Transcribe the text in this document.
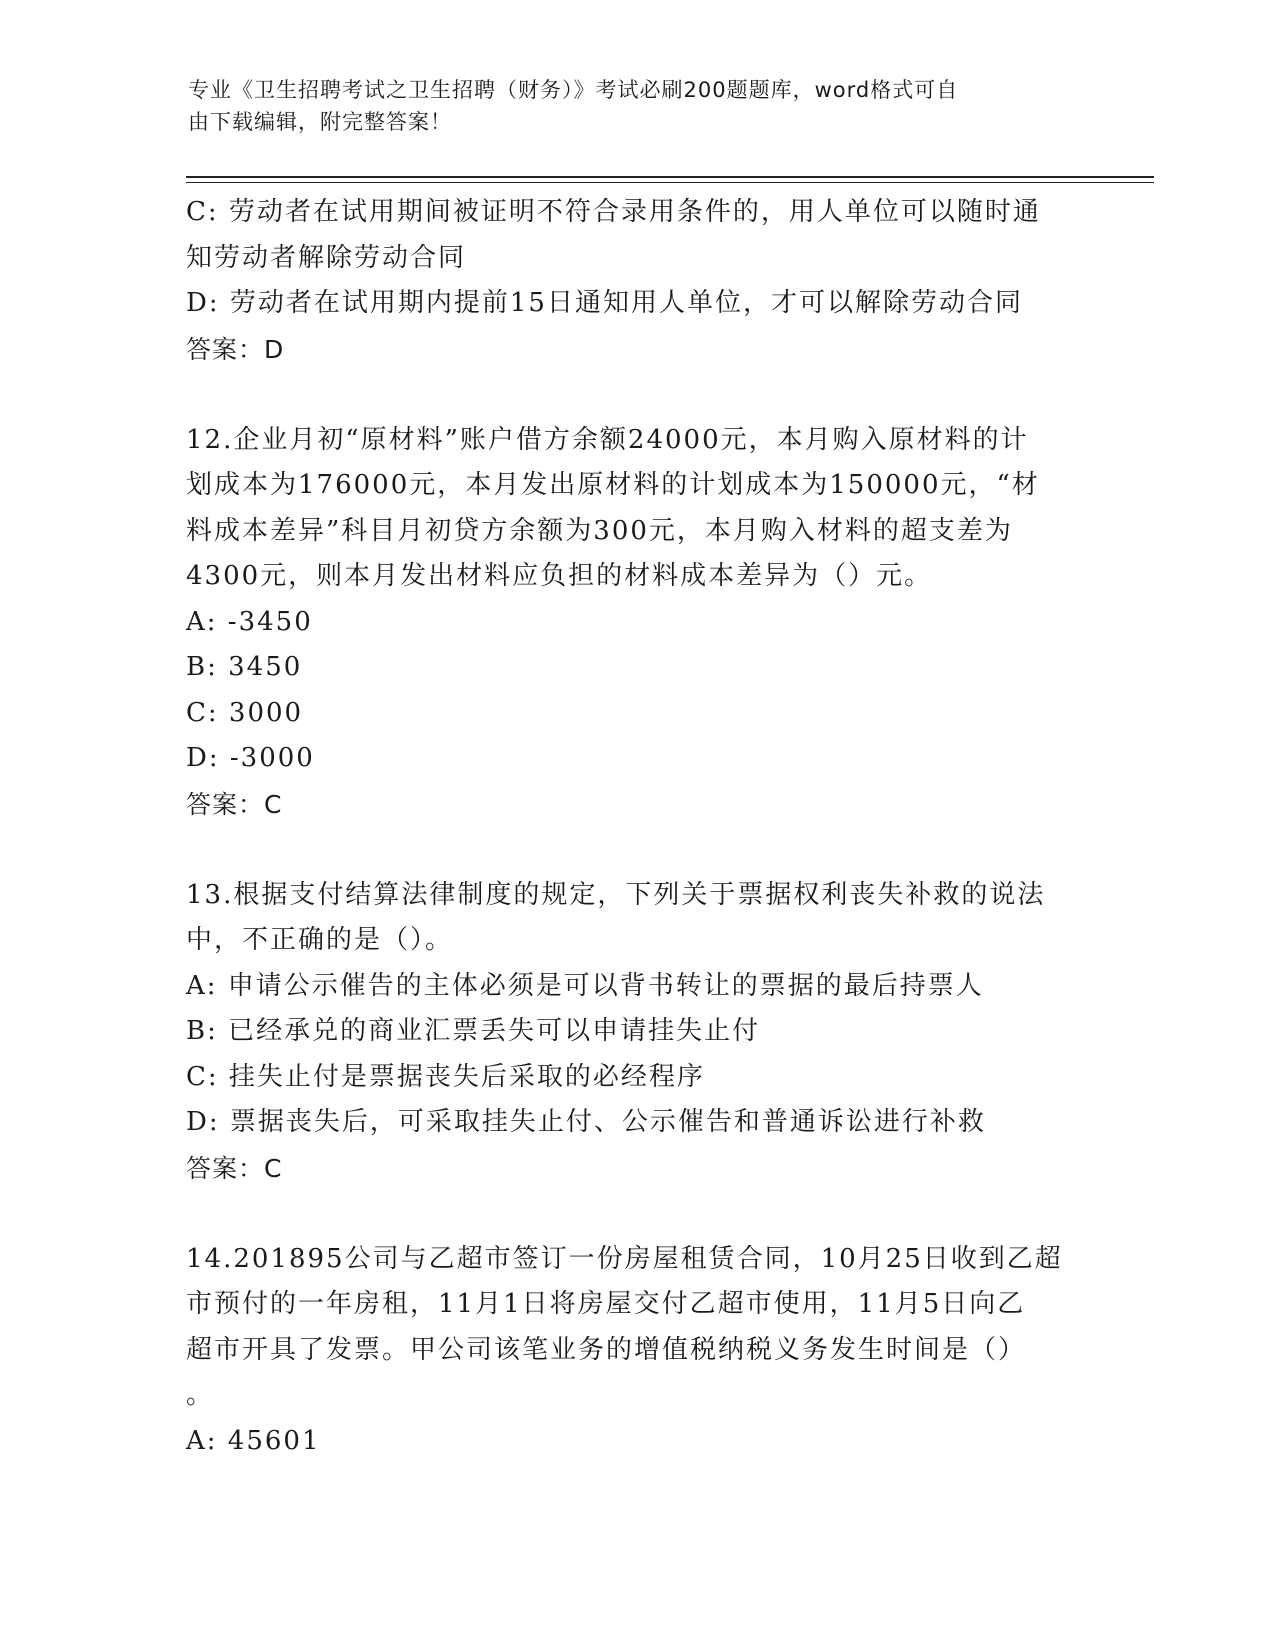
专业《卫生招聘考试之卫生招聘（财务）》考试必刷200题题库，word格式可自
由下载编辑，附完整答案！
C: 劳动者在试用期间被证明不符合录用条件的，用人单位可以随时通
知劳动者解除劳动合同
D: 劳动者在试用期内提前15日通知用人单位，才可以解除劳动合同
答案：D
12.企业月初“原材料”账户借方余额24000元，本月购入原材料的计
划成本为176000元，本月发出原材料的计划成本为150000元，“材
料成本差异”科目月初贷方余额为300元，本月购入材料的超支差为
4300元，则本月发出材料应负担的材料成本差异为（）元。
A: -3450
B: 3450
C: 3000
D: -3000
答案：C
13.根据支付结算法律制度的规定，下列关于票据权利丧失补救的说法
中，不正确的是（）。
A: 申请公示催告的主体必须是可以背书转让的票据的最后持票人
B: 已经承兑的商业汇票丢失可以申请挂失止付
C: 挂失止付是票据丧失后采取的必经程序
D: 票据丧失后，可采取挂失止付、公示催告和普通诉讼进行补救
答案：C
14.201895公司与乙超市签订一份房屋租赁合同，10月25日收到乙超
市预付的一年房租，11月1日将房屋交付乙超市使用，11月5日向乙
超市开具了发票。甲公司该笔业务的增值税纳税义务发生时间是（）
。
A: 45601
